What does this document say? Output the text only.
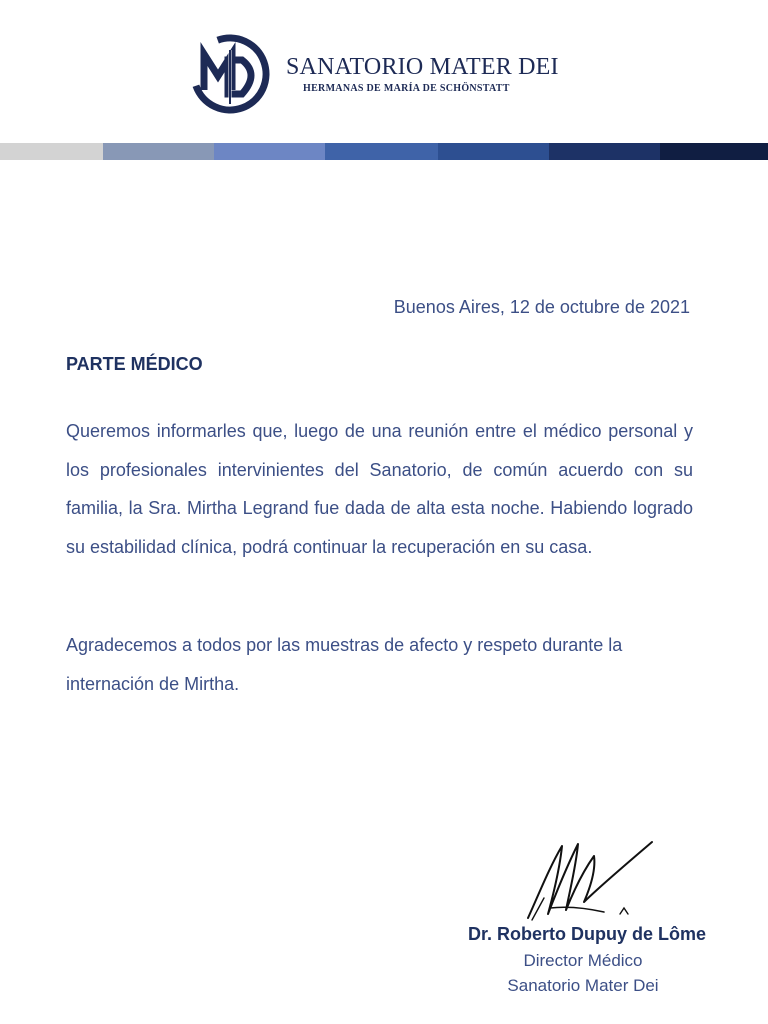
SANATORIO MATER DEI
HERMANAS DE MARÍA DE SCHÖNSTATT
Buenos Aires, 12 de octubre de 2021
PARTE MÉDICO

Queremos informarles que, luego de una reunión entre el médico personal y los profesionales intervinientes del Sanatorio, de común acuerdo con su familia, la Sra. Mirtha Legrand fue dada de alta esta noche. Habiendo logrado su estabilidad clínica, podrá continuar la recuperación en su casa.

Agradecemos a todos por las muestras de afecto y respeto durante la internación de Mirtha.

Dr. Roberto Dupuy de Lôme
Director Médico
Sanatorio Mater Dei
